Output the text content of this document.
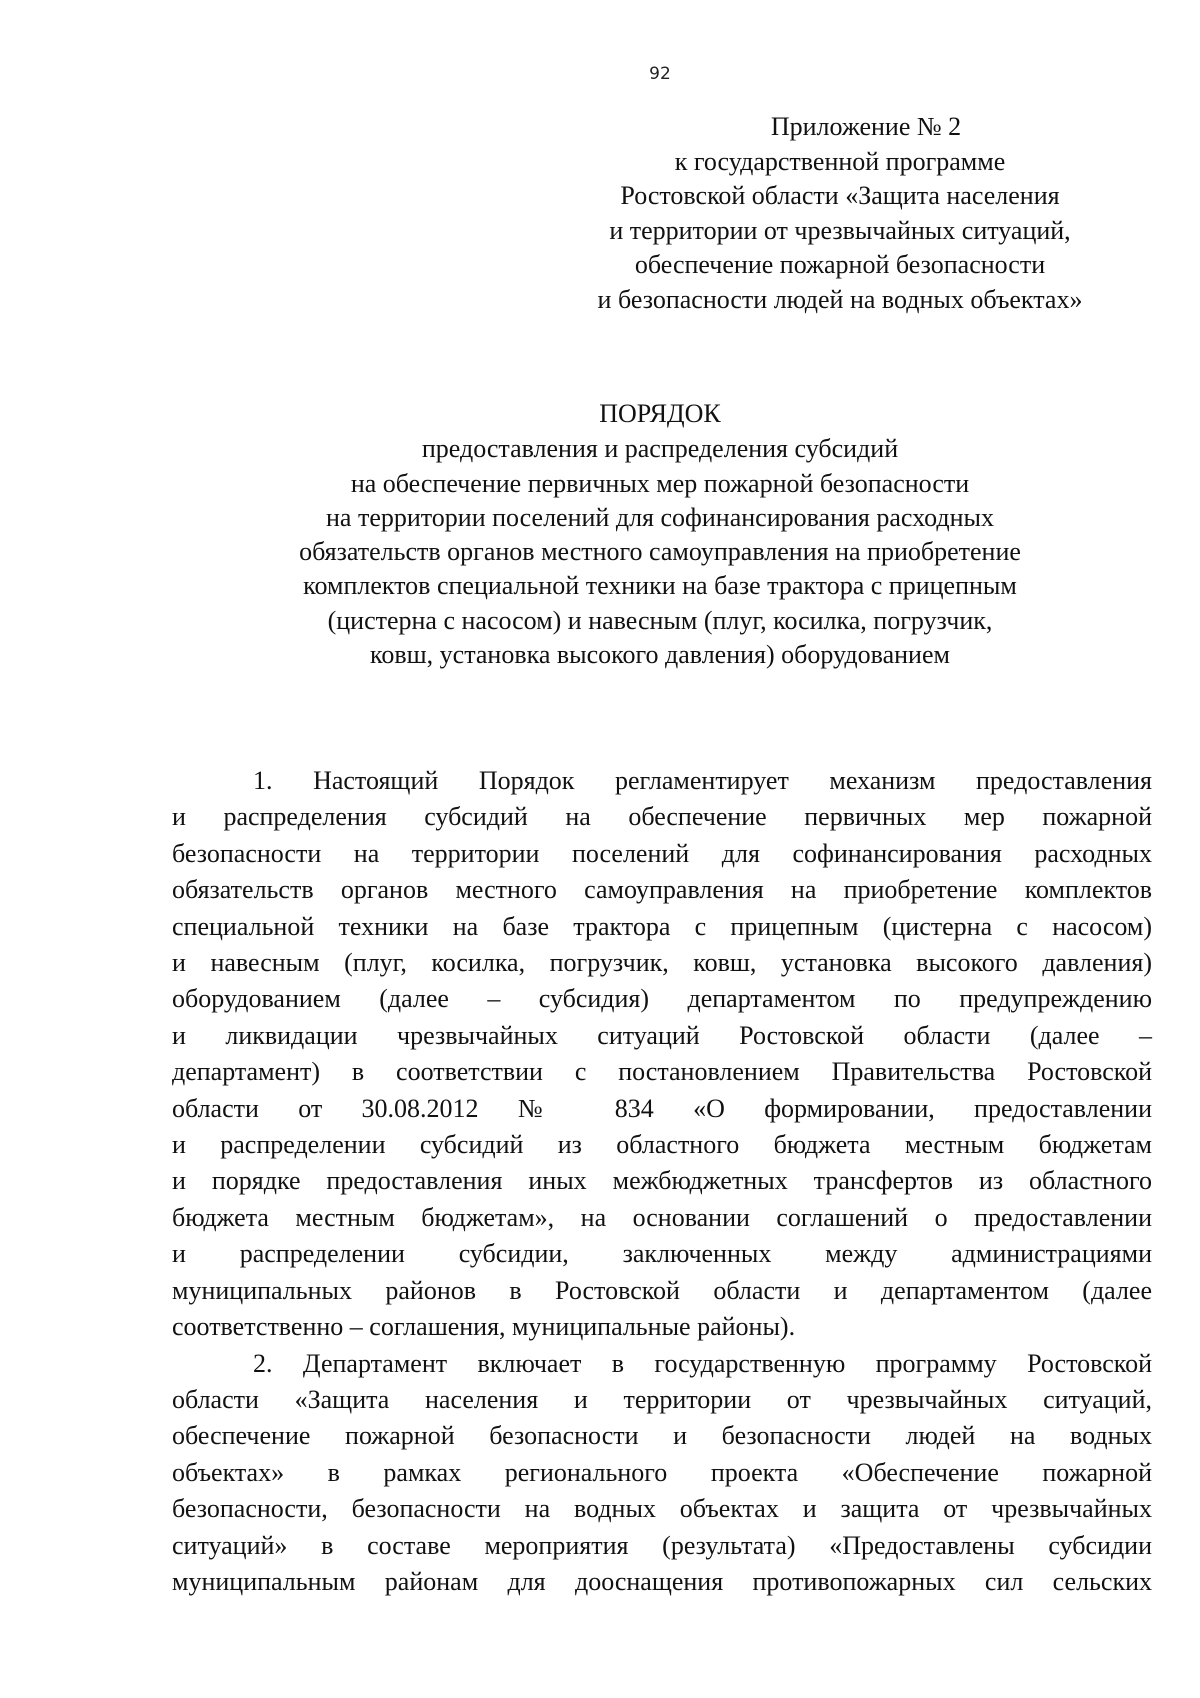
92
Приложение № 2
к государственной программе
Ростовской области «Защита населения
и территории от чрезвычайных ситуаций,
обеспечение пожарной безопасности
и безопасности людей на водных объектах»
ПОРЯДОК
предоставления и распределения субсидий
на обеспечение первичных мер пожарной безопасности
на территории поселений для софинансирования расходных
обязательств органов местного самоуправления на приобретение
комплектов специальной техники на базе трактора с прицепным
(цистерна с насосом) и навесным (плуг, косилка, погрузчик,
ковш, установка высокого давления) оборудованием
1. Настоящий Порядок регламентирует механизм предоставления
и распределения субсидий на обеспечение первичных мер пожарной
безопасности на территории поселений для софинансирования расходных
обязательств органов местного самоуправления на приобретение комплектов
специальной техники на базе трактора с прицепным (цистерна с насосом)
и навесным (плуг, косилка, погрузчик, ковш, установка высокого давления)
оборудованием (далее – субсидия) департаментом по предупреждению
и ликвидации чрезвычайных ситуаций Ростовской области (далее –
департамент) в соответствии с постановлением Правительства Ростовской
области от 30.08.2012 № 834 «О формировании, предоставлении
и распределении субсидий из областного бюджета местным бюджетам
и порядке предоставления иных межбюджетных трансфертов из областного
бюджета местным бюджетам», на основании соглашений о предоставлении
и распределении субсидии, заключенных между администрациями
муниципальных районов в Ростовской области и департаментом (далее
соответственно – соглашения, муниципальные районы).
2. Департамент включает в государственную программу Ростовской
области «Защита населения и территории от чрезвычайных ситуаций,
обеспечение пожарной безопасности и безопасности людей на водных
объектах» в рамках регионального проекта «Обеспечение пожарной
безопасности, безопасности на водных объектах и защита от чрезвычайных
ситуаций» в составе мероприятия (результата) «Предоставлены субсидии
муниципальным районам для дооснащения противопожарных сил сельских
